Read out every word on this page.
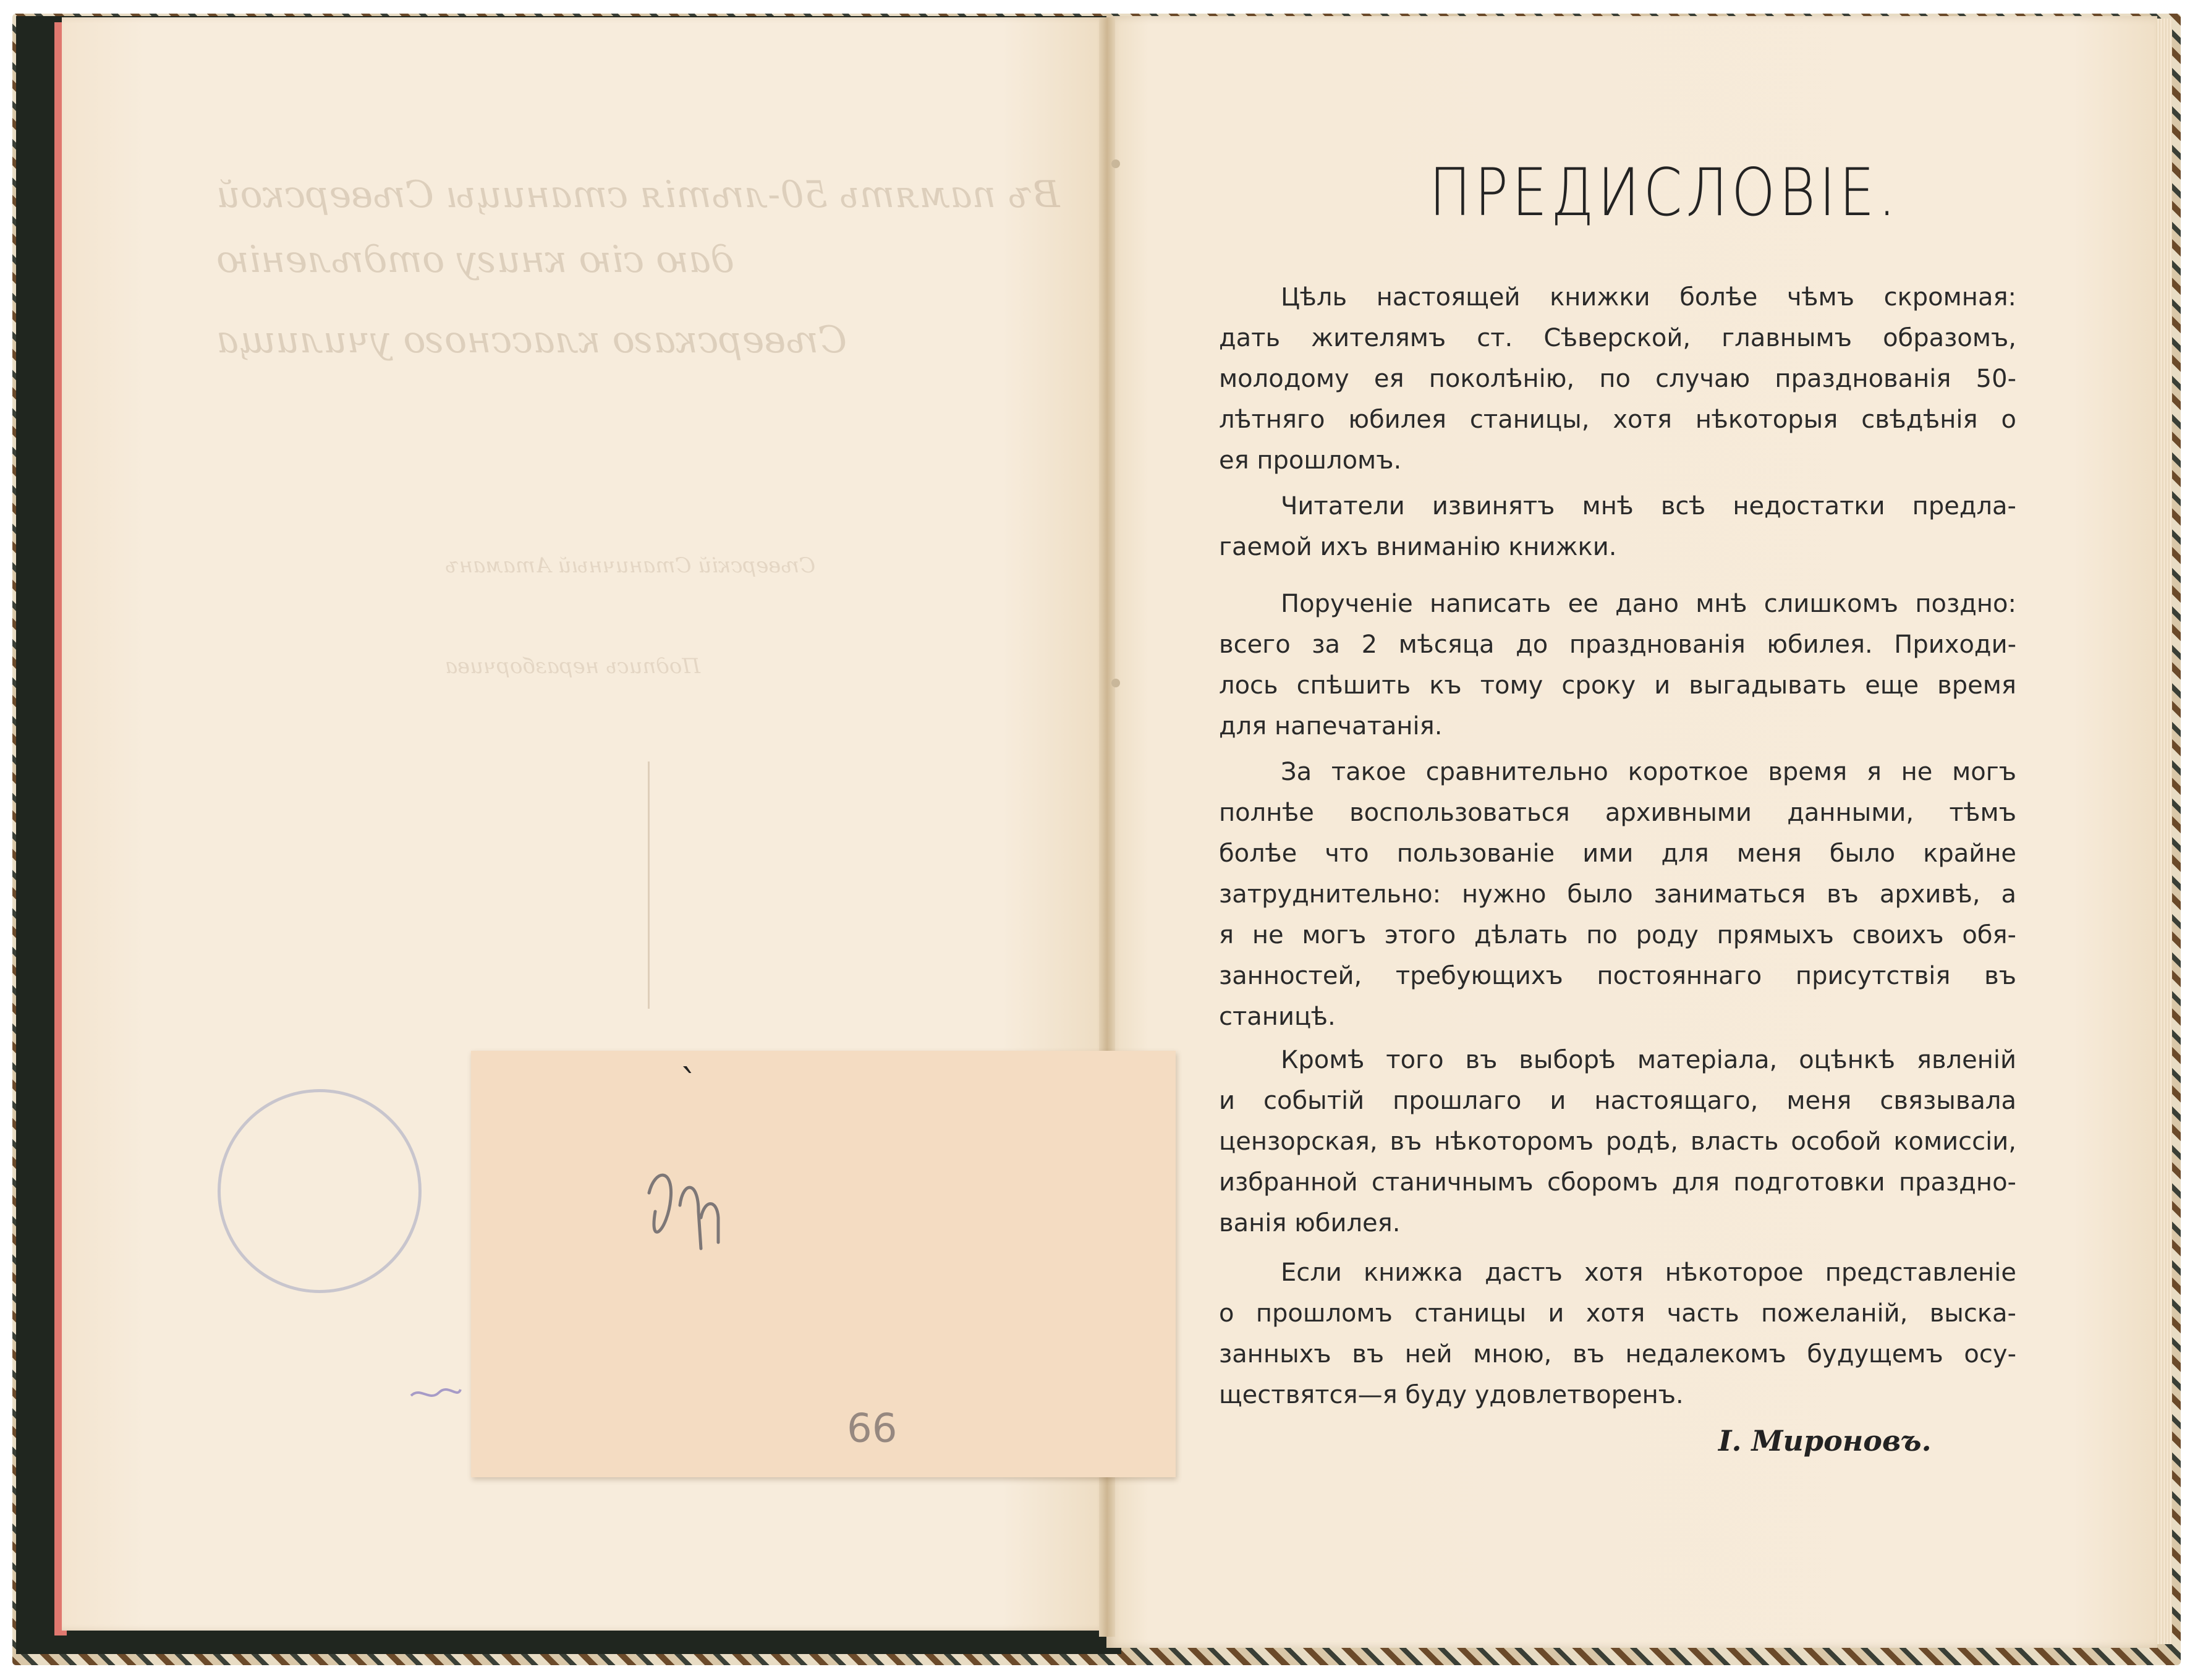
Въ память 50-лѣтія станицы Сѣверской
даю сію книгу отдѣленію
Сѣверскаго классного училища
Сѣверскій Станичный Атаманъ
Подпись неразборчива
ˋ
99
ПРЕДИСЛОВІЕ.
Цѣль настоящей книжки болѣе чѣмъ скромная:
дать жителямъ ст. Сѣверской, главнымъ образомъ,
молодому ея поколѣнію, по случаю празднованія 50-
лѣтняго юбилея станицы, хотя нѣкоторыя свѣдѣнія о
ея прошломъ.
Читатели извинятъ мнѣ всѣ недостатки предла-
гаемой ихъ вниманію книжки.
Порученіе написать ее дано мнѣ слишкомъ поздно:
всего за 2 мѣсяца до празднованія юбилея. Приходи-
лось спѣшить къ тому сроку и выгадывать еще время
для напечатанія.
За такое сравнительно короткое время я не могъ
полнѣе воспользоваться архивными данными, тѣмъ
болѣе что пользованіе ими для меня было крайне
затруднительно: нужно было заниматься въ архивѣ, а
я не могъ этого дѣлать по роду прямыхъ своихъ обя-
занностей, требующихъ постояннаго присутствія въ
станицѣ.
Кромѣ того въ выборѣ матеріала, оцѣнкѣ явленій
и событій прошлаго и настоящаго, меня связывала
цензорская, въ нѣкоторомъ родѣ, власть особой комиссіи,
избранной станичнымъ сборомъ для подготовки праздно-
ванія юбилея.
Если книжка дастъ хотя нѣкоторое представленіе
о прошломъ станицы и хотя часть пожеланій, выска-
занныхъ въ ней мною, въ недалекомъ будущемъ осу-
ществятся—я буду удовлетворенъ.
І. Мироновъ.
